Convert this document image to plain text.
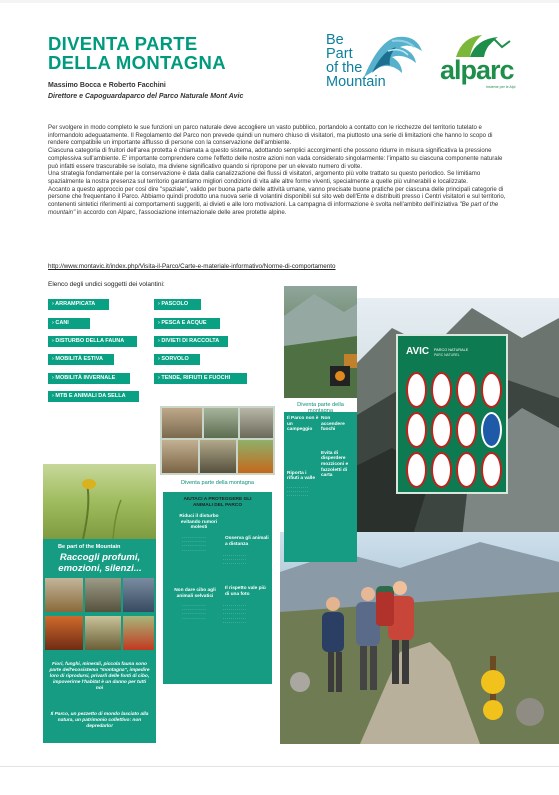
DIVENTA PARTE
DELLA MONTAGNA
Massimo Bocca e Roberto Facchini
Direttore e Capoguardaparco del Parco Naturale Mont Avic
Be
Part
of the
Mountain alparc
Insieme per le Alpi

Per svolgere in modo completo le sue funzioni un parco naturale deve accogliere un vasto pubblico, portandolo a contatto con le ricchezze del territorio tutelato e informandolo adeguatamente. Il Regolamento del Parco non prevede quindi un numero chiuso di visitatori, ma piuttosto una serie di limitazioni che hanno lo scopo di rendere compatibile un importante afflusso di persone con la conservazione dell'ambiente.

Ciascuna categoria di fruitori dell'area protetta è chiamata a questo sistema, adottando semplici accorgimenti che possono ridurre in misura significativa la pressione complessiva sull'ambiente. E' importante comprendere come l'effetto delle nostre azioni non vada considerato singolarmente: l'impatto su ciascuna componente naturale può infatti essere trascurabile se isolato, ma diviene significativo quando si ripropone per un elevato numero di volte.

Una strategia fondamentale per la conservazione è data dalla canalizzazione dei flussi di visitatori, argomento più volte trattato su questo periodico. Se limitiamo spazialmente la nostra presenza sul territorio garantiamo migliori condizioni di vita alle altre forme viventi, specialmente a quelle più vulnerabili e localizzate.

Accanto a questo approccio per così dire "spaziale", valido per buona parte delle attività umane, vanno precisate buone pratiche per ciascuna delle principali categorie di persone che frequentano il Parco. Abbiamo quindi prodotto una nuova serie di volantini disponibili sul sito web dell'Ente e distribuiti presso i Centri visitatori e sul territorio, contenenti sintetici riferimenti ai comportamenti suggeriti, ai divieti e alle loro motivazioni. La campagna di informazione è svolta nell'ambito dell'iniziativa "Be part of the mountain" in accordo con Alparc, l'associazione internazionale delle aree protette alpine.

http://www.montavic.it/index.php/Visita-il-Parco/Carte-e-materiale-informativo/Norme-di-comportamento
Elenco degli undici soggetti dei volantini:
› ARRAMPICATA
› CANI
› DISTURBO DELLA FAUNA
› MOBILITÀ ESTIVA
› MOBILITÀ INVERNALE
› MTB E ANIMALI DA SELLA
› PASCOLO
› PESCA E ACQUE
› DIVIETI DI RACCOLTA
› SORVOLO
› TENDE, RIFIUTI E FUOCHI
AVIC PARCO NATURALE
PARC NATUREL
Diventa parte della montagna
Il Parco non è un campeggio
Riporta i rifiuti a valle
· · · · · · · · · · ·
· · · · · · · · · · ·
· · · · · · · · · · ·
Non accendere fuochi
Evita di disperdere mozziconi e fazzoletti di carta
Diventa parte della montagna
AIUTACI A PROTEGGERE GLI
ANIMALI DEL PARCO
Riduci il disturbo evitando rumori molesti
· · · · · · · · · · · ·
· · · · · · · · · · · ·
· · · · · · · · · · · ·
· · · · · · · · · · · ·
Osserva gli animali a distanza
· · · · · · · · · · · ·
· · · · · · · · · · · ·
· · · · · · · · · · · ·
Non dare cibo agli animali selvatici
· · · · · · · · · · · ·
· · · · · · · · · · · ·
· · · · · · · · · · · ·
· · · · · · · · · · · ·
Il rispetto vale più di una foto
· · · · · · · · · · · ·
· · · · · · · · · · · ·
· · · · · · · · · · · ·
· · · · · · · · · · · ·
· · · · · · · · · · · ·
Be part of the Mountain
Raccogli profumi, emozioni, silenzi...
Fiori, funghi, minerali, piccola fauna sono parte dell'ecosistema "montagna", impedire loro di riprodursi, privarli delle fonti di cibo, impoverirne l'habitat è un danno per tutti noi
Il Parco, un pezzetto di mondo lasciato alla natura, un patrimonio collettivo: non depredarlo!
